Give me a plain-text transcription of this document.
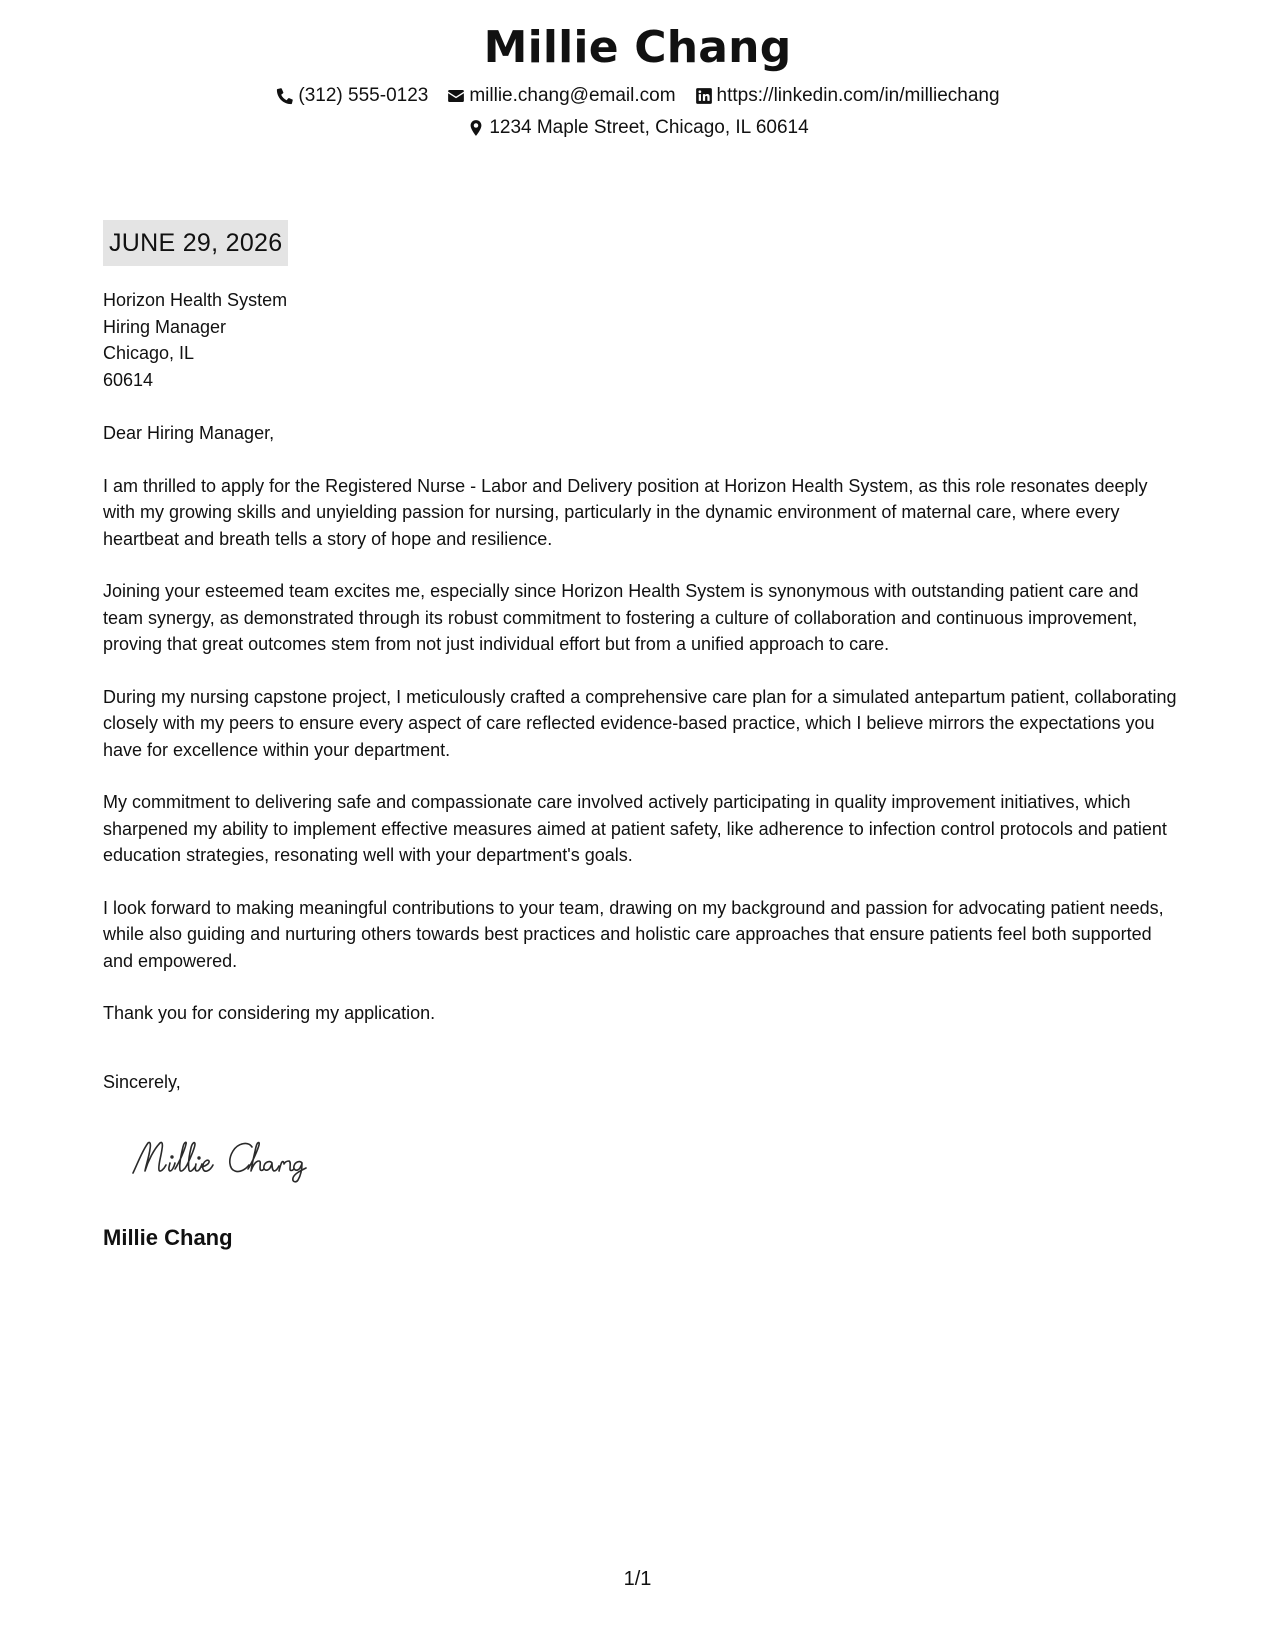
Millie Chang
(312) 555-0123 millie.chang@email.com https://linkedin.com/in/milliechang
1234 Maple Street, Chicago, IL 60614
JUNE 29, 2026
Horizon Health System
Hiring Manager
Chicago, IL
60614
Dear Hiring Manager,
I am thrilled to apply for the Registered Nurse - Labor and Delivery position at Horizon Health System, as this role resonates deeply with my growing skills and unyielding passion for nursing, particularly in the dynamic environment of maternal care, where every heartbeat and breath tells a story of hope and resilience.
Joining your esteemed team excites me, especially since Horizon Health System is synonymous with outstanding patient care and team synergy, as demonstrated through its robust commitment to fostering a culture of collaboration and continuous improvement, proving that great outcomes stem from not just individual effort but from a unified approach to care.
During my nursing capstone project, I meticulously crafted a comprehensive care plan for a simulated antepartum patient, collaborating closely with my peers to ensure every aspect of care reflected evidence-based practice, which I believe mirrors the expectations you have for excellence within your department.
My commitment to delivering safe and compassionate care involved actively participating in quality improvement initiatives, which sharpened my ability to implement effective measures aimed at patient safety, like adherence to infection control protocols and patient education strategies, resonating well with your department's goals.
I look forward to making meaningful contributions to your team, drawing on my background and passion for advocating patient needs, while also guiding and nurturing others towards best practices and holistic care approaches that ensure patients feel both supported and empowered.
Thank you for considering my application.
Sincerely,
Millie Chang
1/1
